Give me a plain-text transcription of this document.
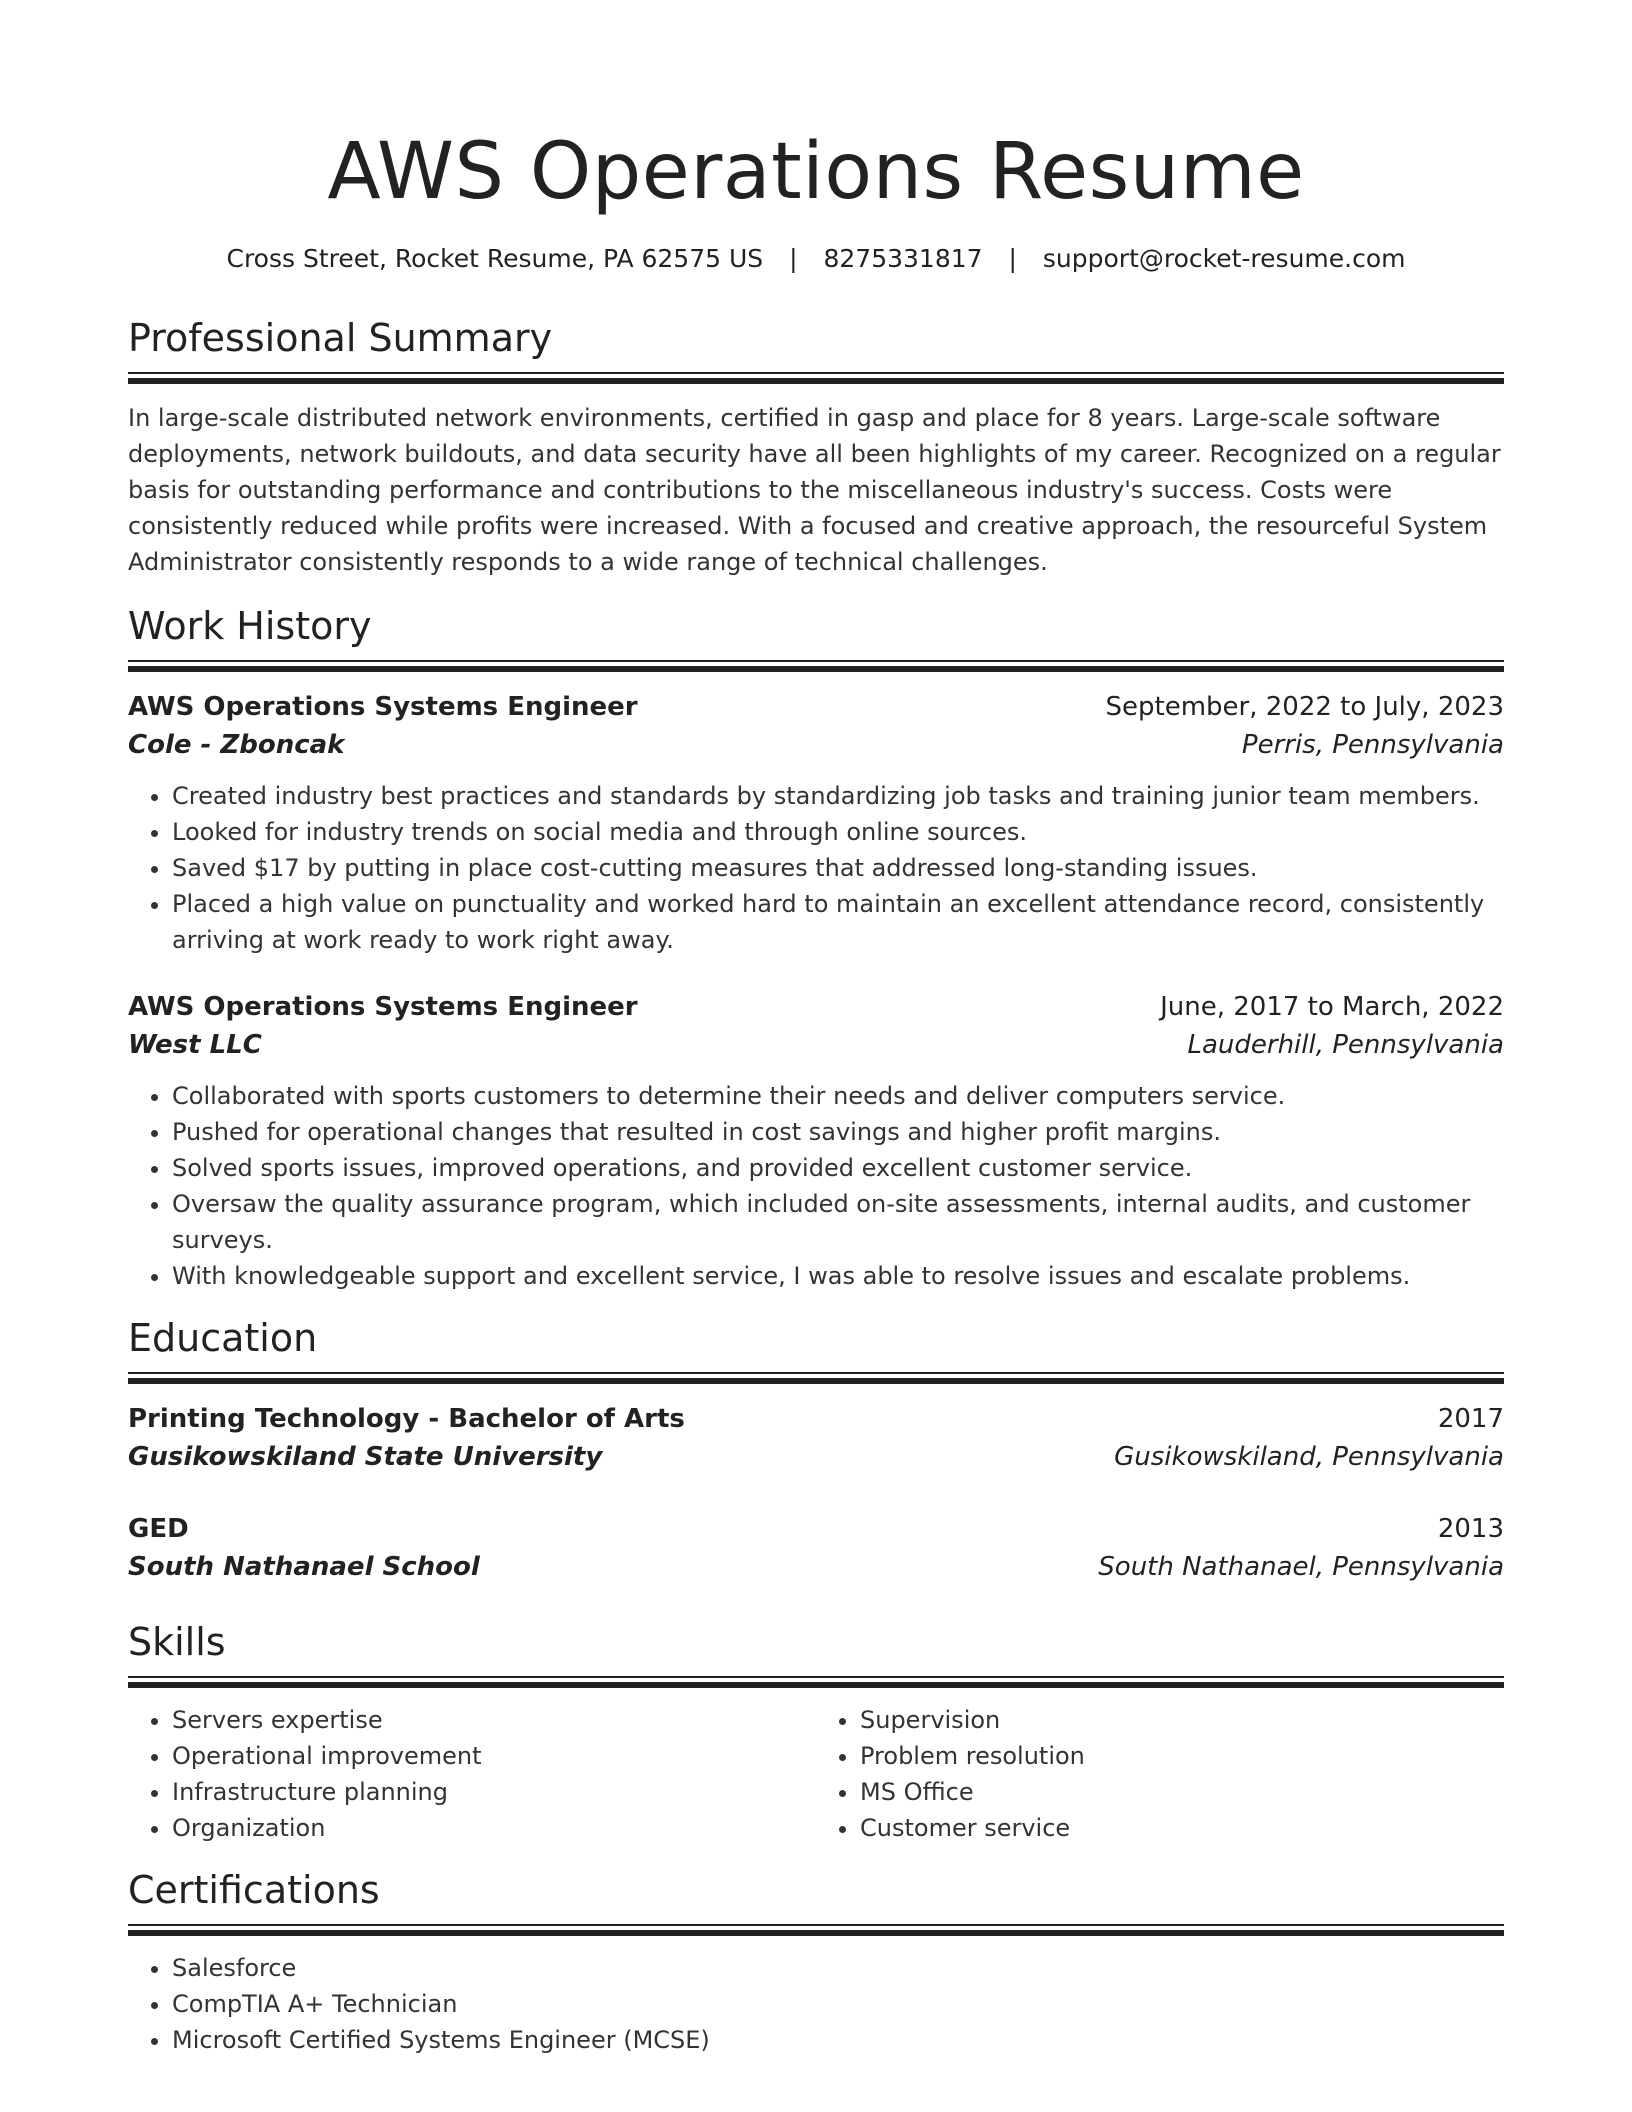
AWS Operations Resume
Cross Street, Rocket Resume, PA 62575 US | 8275331817 | support@rocket-resume.com
Professional Summary

In large-scale distributed network environments, certified in gasp and place for 8 years. Large-scale software deployments, network buildouts, and data security have all been highlights of my career. Recognized on a regular basis for outstanding performance and contributions to the miscellaneous industry's success. Costs were consistently reduced while profits were increased. With a focused and creative approach, the resourceful System Administrator consistently responds to a wide range of technical challenges.

Work History
AWS Operations Systems Engineer	September, 2022 to July, 2023
Cole - Zboncak	Perris, Pennsylvania
• Created industry best practices and standards by standardizing job tasks and training junior team members.
• Looked for industry trends on social media and through online sources.
• Saved $17 by putting in place cost-cutting measures that addressed long-standing issues.
• Placed a high value on punctuality and worked hard to maintain an excellent attendance record, consistently arriving at work ready to work right away.
AWS Operations Systems Engineer	June, 2017 to March, 2022
West LLC	Lauderhill, Pennsylvania
• Collaborated with sports customers to determine their needs and deliver computers service.
• Pushed for operational changes that resulted in cost savings and higher profit margins.
• Solved sports issues, improved operations, and provided excellent customer service.
• Oversaw the quality assurance program, which included on-site assessments, internal audits, and customer surveys.
• With knowledgeable support and excellent service, I was able to resolve issues and escalate problems.
Education
Printing Technology - Bachelor of Arts	2017
Gusikowskiland State University	Gusikowskiland, Pennsylvania
GED	2013
South Nathanael School	South Nathanael, Pennsylvania
Skills
• Servers expertise
• Operational improvement
• Infrastructure planning
• Organization
• Supervision
• Problem resolution
• MS Office
• Customer service
Certifications
• Salesforce
• CompTIA A+ Technician
• Microsoft Certified Systems Engineer (MCSE)
